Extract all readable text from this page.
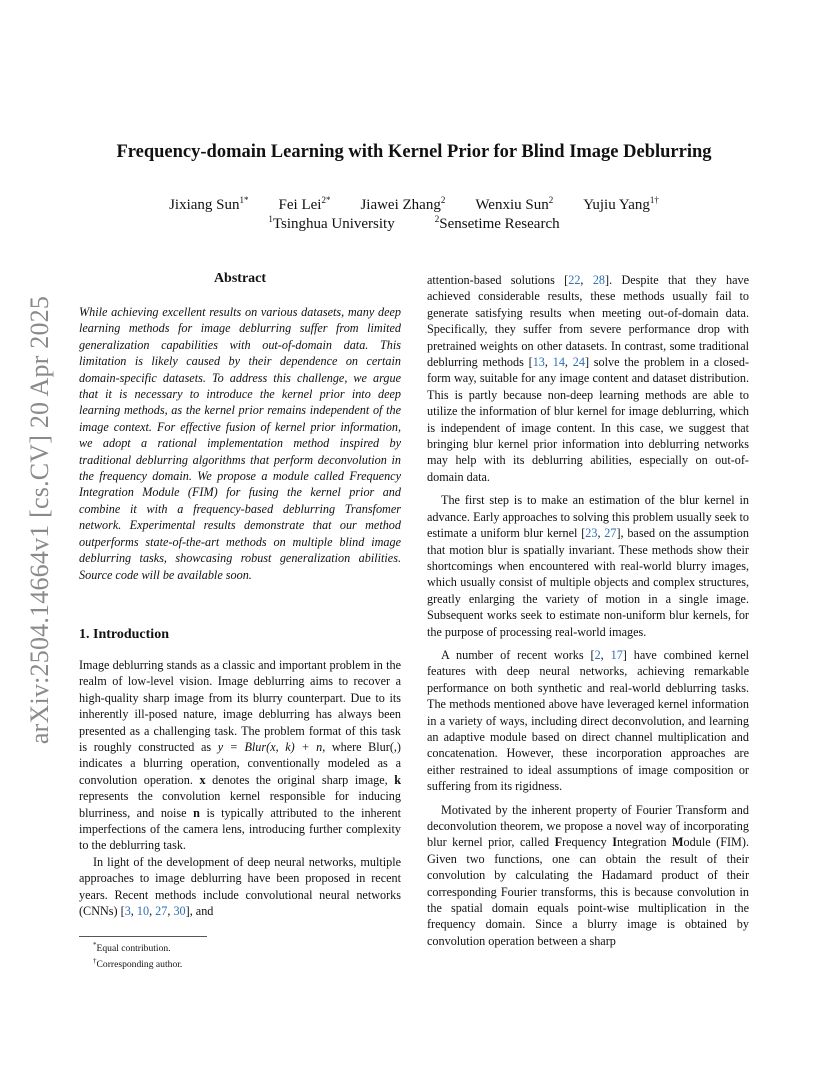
arXiv:2504.14664v1 [cs.CV] 20 Apr 2025
Frequency-domain Learning with Kernel Prior for Blind Image Deblurring
Jixiang Sun$^{1*}$ Fei Lei$^{2*}$ Jiawei Zhang$^2$ Wenxiu Sun$^2$ Yujiu Yang$^{1\dagger}$
$^1$Tsinghua University	$^2$Sensetime Research
Abstract
While achieving excellent results on various datasets, many deep learning methods for image deblurring suffer from limited generalization capabilities with out-of-domain data. This limitation is likely caused by their dependence on certain domain-specific datasets. To address this challenge, we argue that it is necessary to introduce the kernel prior into deep learning methods, as the kernel prior remains independent of the image context. For effective fusion of kernel prior information, we adopt a rational implementation method inspired by traditional deblurring algorithms that perform deconvolution in the frequency domain. We propose a module called Frequency Integration Module (FIM) for fusing the kernel prior and combine it with a frequency-based deblurring Transfomer network. Experimental results demonstrate that our method outperforms state-of-the-art methods on multiple blind image deblurring tasks, showcasing robust generalization abilities. Source code will be available soon.
1. Introduction

Image deblurring stands as a classic and important problem in the realm of low-level vision. Image deblurring aims to recover a high-quality sharp image from its blurry counterpart. Due to its inherently ill-posed nature, image deblurring has always been presented as a challenging task. The problem format of this task is roughly constructed as y = Blur(x, k) + n, where Blur(,) indicates a blurring operation, conventionally modeled as a convolution operation. x denotes the original sharp image, k represents the convolution kernel responsible for inducing blurriness, and noise n is typically attributed to the inherent imperfections of the camera lens, introducing further complexity to the deblurring task.

In light of the development of deep neural networks, multiple approaches to image deblurring have been proposed in recent years. Recent methods include convolutional neural networks (CNNs) [3, 10, 27, 30], and

attention-based solutions [22, 28]. Despite that they have achieved considerable results, these methods usually fail to generate satisfying results when meeting out-of-domain data. Specifically, they suffer from severe performance drop with pretrained weights on other datasets. In contrast, some traditional deblurring methods [13, 14, 24] solve the problem in a closed-form way, suitable for any image content and dataset distribution. This is partly because non-deep learning methods are able to utilize the information of blur kernel for image deblurring, which is independent of image content. In this case, we suggest that bringing blur kernel prior information into deblurring networks may help with its deblurring abilities, especially on out-of-domain data.

The first step is to make an estimation of the blur kernel in advance. Early approaches to solving this problem usually seek to estimate a uniform blur kernel [23, 27], based on the assumption that motion blur is spatially invariant. These methods show their shortcomings when encountered with real-world blurry images, which usually consist of multiple objects and complex structures, greatly enlarging the variety of motion in a single image. Subsequent works seek to estimate non-uniform blur kernels, for the purpose of processing real-world images.

A number of recent works [2, 17] have combined kernel features with deep neural networks, achieving remarkable performance on both synthetic and real-world deblurring tasks. The methods mentioned above have leveraged kernel information in a variety of ways, including direct deconvolution, and learning an adaptive module based on direct channel multiplication and concatenation. However, these incorporation approaches are either restrained to ideal assumptions of image composition or suffering from its rigidness.

Motivated by the inherent property of Fourier Transform and deconvolution theorem, we propose a novel way of incorporating blur kernel prior, called Frequency Integration Module (FIM). Given two functions, one can obtain the result of their convolution by calculating the Hadamard product of their corresponding Fourier transforms, this is because convolution in the spatial domain equals point-wise multiplication in the frequency domain. Since a blurry image is obtained by convolution operation between a sharp

*Equal contribution.
†Corresponding author.
